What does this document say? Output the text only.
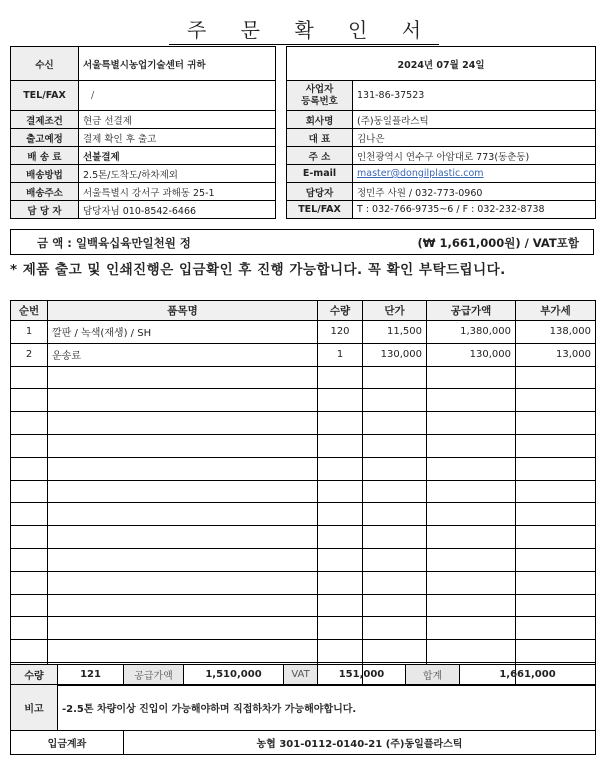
주 문 확 인 서
수신	서울특별시농업기술센터 귀하
TEL/FAX	/
결제조건	현금 선결제
출고예정	결제 확인 후 출고
배 송 료	선불결제
배송방법	2.5톤/도착도/하차제외
배송주소	서울특별시 강서구 과해동 25-1
담 당 자	담당자님 010-8542-6466
2024년 07월 24일	
사업자
등록번호	131-86-37523
회사명	(주)동일플라스틱
대 표	김나은
주 소	인천광역시 연수구 아암대로 773(동춘동)
E-mail	master@dongilplastic.com
담당자	정민주 사원 / 032-773-0960
TEL/FAX	T : 032-766-9735~6 / F : 032-232-8738
금 액 : 일백육십육만일천원 정	(₩ 1,661,000원) / VAT포함
* 제품 출고 및 인쇄진행은 입금확인 후 진행 가능합니다. 꼭 확인 부탁드립니다.
순번	품목명	수량	단가	공급가액	부가세
1	깔판 / 녹색(재생) / SH	120	11,500	1,380,000	138,000
2	운송료	1	130,000	130,000	13,000

수량	121	공급가액	1,510,000	VAT	151,000	합계	1,661,000
비고	-2.5톤 차량이상 진입이 가능해야하며 직접하차가 가능해야합니다.
입금계좌	농협 301-0112-0140-21 (주)동일플라스틱
